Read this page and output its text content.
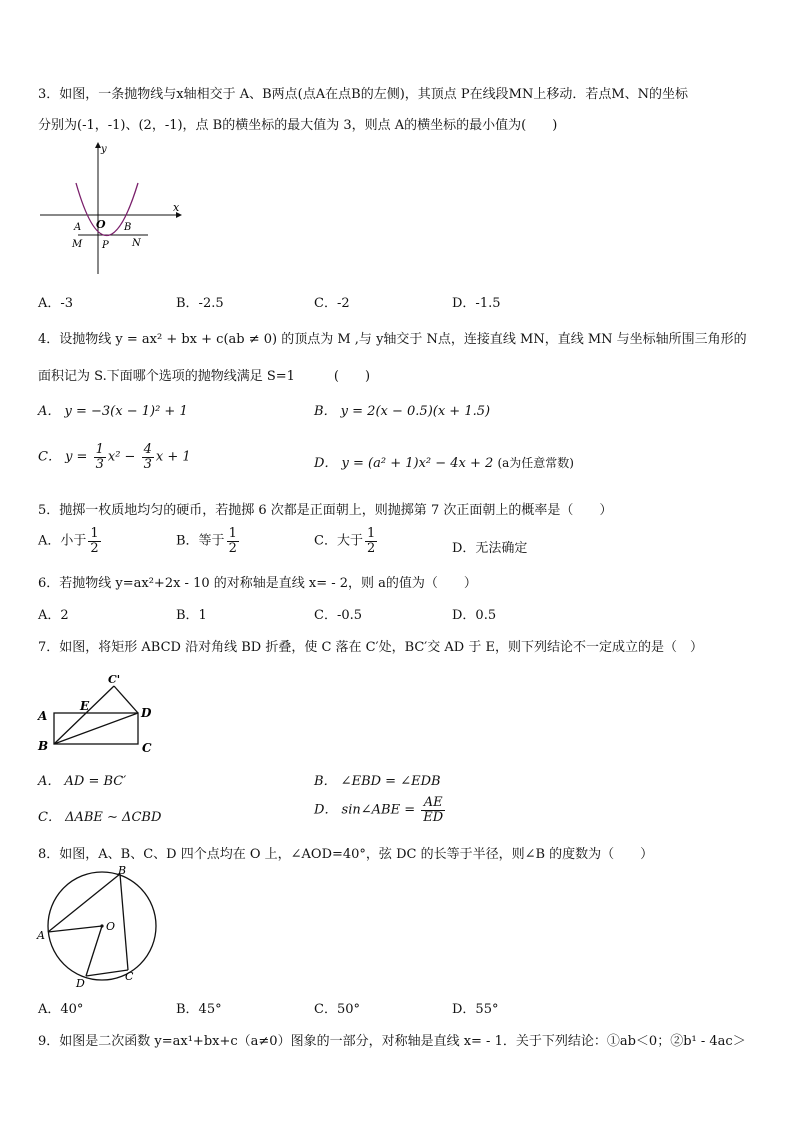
3．如图，一条抛物线与x轴相交于 A、B两点(点A在点B的左侧)，其顶点 P在线段MN上移动．若点M、N的坐标
分别为(-1，-1)、(2，-1)，点 B的横坐标的最大值为 3，则点 A的横坐标的最小值为(　　)
y
x
O
A	B
M P N
A．-3	B．-2.5	C．-2	D．-1.5
4．设抛物线 y = ax² + bx + c(ab ≠ 0) 的顶点为 M ,与 y轴交于 N点，连接直线 MN，直线 MN 与坐标轴所围三角形的
面积记为 S.下面哪个选项的抛物线满足 S=1　　　(　　)
A． y = −3(x − 1)² + 1	B． y = 2(x − 0.5)(x + 1.5)
C． $y = \frac{1}{3} x^2 - \frac{4}{3}$ x + 1	D． y = (a² + 1)x² − 4x + 2 (a为任意常数)
5．抛掷一枚质地均匀的硬币，若抛掷 6 次都是正面朝上，则抛掷第 7 次正面朝上的概率是（　　）
A．小于 $\frac{1}{2}$	B．等于 $\frac{1}{2}$	C．大于 $\frac{1}{2}$	D．无法确定
6．若抛物线 y=ax²+2x - 10 的对称轴是直线 x= - 2，则 a的值为（　　）
A．2	B．1	C．-0.5	D．0.5
7．如图，将矩形 ABCD 沿对角线 BD 折叠，使 C 落在 C′处，BC′交 AD 于 E，则下列结论不一定成立的是（　）
C'
E
A	D
B	C
A． AD = BC′	B． ∠EBD = ∠EDB
C． ΔABE ∼ ΔCBD	D． sin∠ABE = $\frac{AE}{ED}$
8．如图，A、B、C、D 四个点均在 O 上，∠AOD=40°，弦 DC 的长等于半径，则∠B 的度数为（　　）
B
A
O
D
C
A．40°	B．45°	C．50°	D．55°
9．如图是二次函数 y=ax¹+bx+c（a≠0）图象的一部分，对称轴是直线 x= - 1．关于下列结论：①ab＜0；②b¹ - 4ac＞
